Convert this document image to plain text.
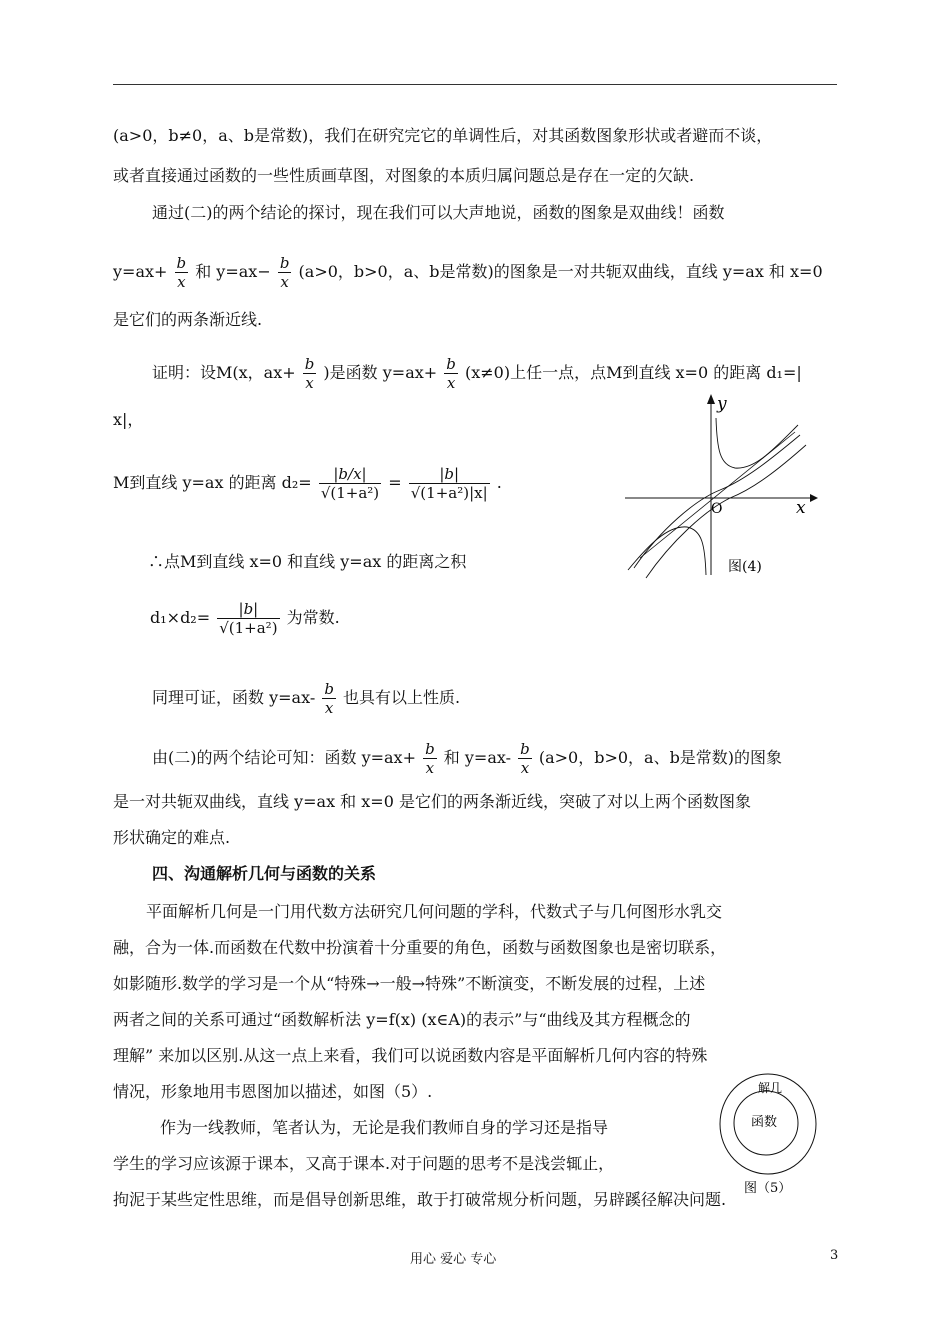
(a>0，b≠0，a、b是常数)，我们在研究完它的单调性后，对其函数图象形状或者避而不谈，
或者直接通过函数的一些性质画草图，对图象的本质归属问题总是存在一定的欠缺.
通过(二)的两个结论的探讨，现在我们可以大声地说，函数的图象是双曲线！函数
$y=ax+ \frac{b}{x}$ 和 $y=ax- \frac{b}{x} (a>0$，b>0，a、b是常数)的图象是一对共轭双曲线，直线 y=ax 和 x=0
是它们的两条渐近线.
证明：设M(x，$ax+ \frac{b}{x}$ )是函数 $y=ax+ \frac{b}{x} (x\ne 0)$上任一点，点M到直线 x=0 的距离 d₁=|
x|，
M到直线 y=ax 的距离 $d_2= \frac{|b/x|}{\text{√(1+a²)}} = \frac{|b|}{\text{√(1+a²)|x|}}$ .
∴点M到直线 x=0 和直线 y=ax 的距离之积
$d_1\times d_2= \frac{|b|}{\text{√(1+a²)}}$ 为常数.
同理可证，函数 $y=ax- \frac{b}{x}$ 也具有以上性质.
由(二)的两个结论可知：函数 $y=ax+ \frac{b}{x}$ 和 $y=ax- \frac{b}{x} (a>0$，b>0，a、b是常数)的图象
是一对共轭双曲线，直线 y=ax 和 x=0 是它们的两条渐近线，突破了对以上两个函数图象
形状确定的难点.
四、沟通解析几何与函数的关系
平面解析几何是一门用代数方法研究几何问题的学科，代数式子与几何图形水乳交
融，合为一体.而函数在代数中扮演着十分重要的角色，函数与函数图象也是密切联系，
如影随形.数学的学习是一个从“特殊→一般→特殊”不断演变，不断发展的过程，上述
两者之间的关系可通过“函数解析法 y=f(x) (x∈A)的表示”与“曲线及其方程概念的
理解” 来加以区别.从这一点上来看，我们可以说函数内容是平面解析几何内容的特殊
情况，形象地用韦恩图加以描述，如图（5）.
作为一线教师，笔者认为，无论是我们教师自身的学习还是指导
学生的学习应该源于课本，又高于课本.对于问题的思考不是浅尝辄止，
拘泥于某些定性思维，而是倡导创新思维，敢于打破常规分析问题，另辟蹊径解决问题.
y
x
O
图(4)
解几
函数
图（5）
用心 爱心 专心	3
